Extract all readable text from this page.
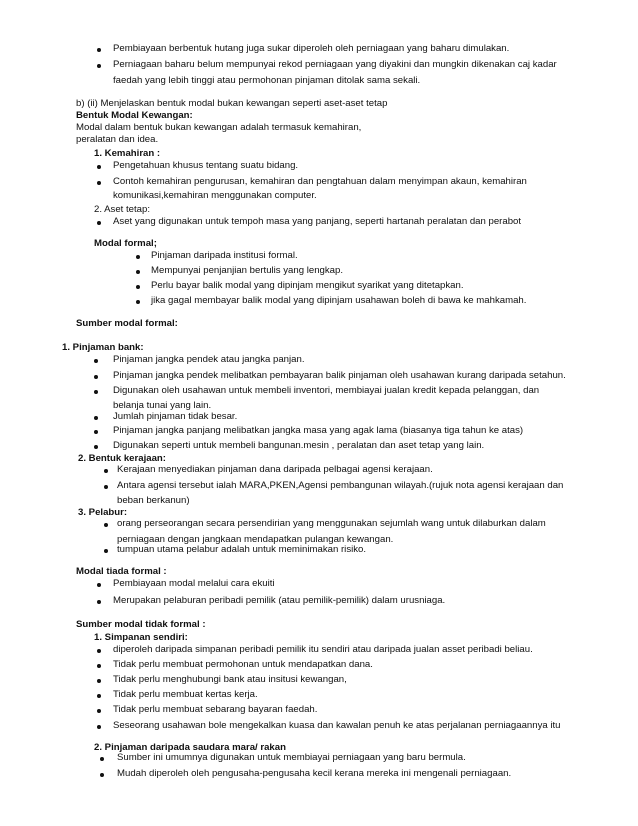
Pembiayaan berbentuk hutang juga sukar diperoleh oleh perniagaan yang baharu dimulakan.
Perniagaan baharu belum mempunyai rekod perniagaan yang diyakini dan mungkin dikenakan caj kadar
faedah yang lebih tinggi atau permohonan pinjaman ditolak sama sekali.
b) (ii) Menjelaskan bentuk modal bukan kewangan seperti aset-aset tetap
Bentuk Modal Kewangan:
Modal dalam bentuk bukan kewangan adalah termasuk kemahiran,
peralatan dan idea.
1. Kemahiran :
Pengetahuan khusus tentang suatu bidang.
Contoh kemahiran pengurusan, kemahiran dan pengtahuan dalam menyimpan akaun, kemahiran
komunikasi,kemahiran menggunakan computer.
2. Aset tetap:
Aset yang digunakan untuk tempoh masa yang panjang, seperti hartanah peralatan dan perabot
Modal formal;
Pinjaman daripada institusi formal.
Mempunyai penjanjian bertulis yang lengkap.
Perlu bayar balik modal yang dipinjam mengikut syarikat yang ditetapkan.
jika gagal membayar balik modal yang dipinjam usahawan boleh di bawa ke mahkamah.
Sumber modal formal:
1. Pinjaman bank:
Pinjaman jangka pendek atau jangka panjan.
Pinjaman jangka pendek melibatkan pembayaran balik pinjaman oleh usahawan kurang daripada setahun.
Digunakan oleh usahawan untuk membeli inventori, membiayai jualan kredit kepada pelanggan, dan
belanja tunai yang lain.
Jumlah pinjaman tidak besar.
Pinjaman jangka panjang melibatkan jangka masa yang agak lama (biasanya tiga tahun ke atas)
Digunakan seperti untuk membeli bangunan.mesin , peralatan dan aset tetap yang lain.
2. Bentuk kerajaan:
Kerajaan menyediakan pinjaman dana daripada pelbagai agensi kerajaan.
Antara agensi tersebut ialah MARA,PKEN,Agensi pembangunan wilayah.(rujuk nota agensi kerajaan dan
beban berkanun)
3. Pelabur:
orang perseorangan secara persendirian yang menggunakan sejumlah wang untuk dilaburkan dalam
perniagaan dengan jangkaan mendapatkan pulangan kewangan.
tumpuan utama pelabur adalah untuk meminimakan risiko.
Modal tiada formal :
Pembiayaan modal melalui cara ekuiti
Merupakan pelaburan peribadi pemilik (atau pemilik-pemilik) dalam urusniaga.
Sumber modal tidak formal :
1. Simpanan sendiri:
diperoleh daripada simpanan peribadi pemilik itu sendiri atau daripada jualan asset peribadi beliau.
Tidak perlu membuat permohonan untuk mendapatkan dana.
Tidak perlu menghubungi bank atau insitusi kewangan,
Tidak perlu membuat kertas kerja.
Tidak perlu membuat sebarang bayaran faedah.
Seseorang usahawan bole mengekalkan kuasa dan kawalan penuh ke atas perjalanan perniagaannya itu
2. Pinjaman daripada saudara mara/ rakan
Sumber ini umumnya digunakan untuk membiayai perniagaan yang baru bermula.
Mudah diperoleh oleh pengusaha-pengusaha kecil kerana mereka ini mengenali perniagaan.
